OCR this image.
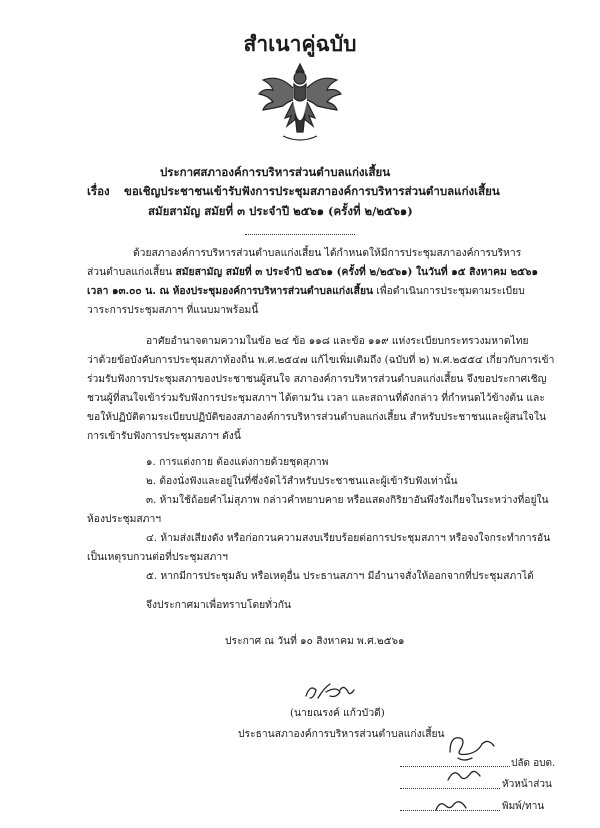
สำเนาคู่ฉบับ
ประกาศสภาองค์การบริหารส่วนตำบลแก่งเสี้ยน
เรื่อง ขอเชิญประชาชนเข้ารับฟังการประชุมสภาองค์การบริหารส่วนตำบลแก่งเสี้ยน
สมัยสามัญ สมัยที่ ๓ ประจำปี ๒๕๖๑ (ครั้งที่ ๒/๒๕๖๑)
ด้วยสภาองค์การบริหารส่วนตำบลแก่งเสี้ยน ได้กำหนดให้มีการประชุมสภาองค์การบริหาร
ส่วนตำบลแก่งเสี้ยน สมัยสามัญ สมัยที่ ๓ ประจำปี ๒๕๖๑ (ครั้งที่ ๒/๒๕๖๑) ในวันที่ ๑๕ สิงหาคม ๒๕๖๑
เวลา ๑๓.๐๐ น. ณ ห้องประชุมองค์การบริหารส่วนตำบลแก่งเสี้ยน เพื่อดำเนินการประชุมตามระเบียบ
วาระการประชุมสภาฯ ที่แนบมาพร้อมนี้
อาศัยอำนาจตามความในข้อ ๒๔ ข้อ ๑๑๘ และข้อ ๑๑๙ แห่งระเบียบกระทรวงมหาดไทย
ว่าด้วยข้อบังคับการประชุมสภาท้องถิ่น พ.ศ.๒๕๔๗ แก้ไขเพิ่มเติมถึง (ฉบับที่ ๒) พ.ศ.๒๕๕๔ เกี่ยวกับการเข้า
ร่วมรับฟังการประชุมสภาของประชาชนผู้สนใจ สภาองค์การบริหารส่วนตำบลแก่งเสี้ยน จึงขอประกาศเชิญ
ชวนผู้ที่สนใจเข้าร่วมรับฟังการประชุมสภาฯ ได้ตามวัน เวลา และสถานที่ดังกล่าว ที่กำหนดไว้ข้างต้น และ
ขอให้ปฏิบัติตามระเบียบปฏิบัติของสภาองค์การบริหารส่วนตำบลแก่งเสี้ยน สำหรับประชาชนและผู้สนใจใน
การเข้ารับฟังการประชุมสภาฯ ดังนี้
๑. การแต่งกาย ต้องแต่งกายด้วยชุดสุภาพ
๒. ต้องนั่งฟังและอยู่ในที่ซึ่งจัดไว้สำหรับประชาชนและผู้เข้ารับฟังเท่านั้น
๓. ห้ามใช้ถ้อยคำไม่สุภาพ กล่าวคำหยาบคาย หรือแสดงกิริยาอันพึงรังเกียจในระหว่างที่อยู่ใน
ห้องประชุมสภาฯ
๔. ห้ามส่งเสียงดัง หรือก่อกวนความสงบเรียบร้อยต่อการประชุมสภาฯ หรือจงใจกระทำการอัน
เป็นเหตุรบกวนต่อที่ประชุมสภาฯ
๕. หากมีการประชุมลับ หรือเหตุอื่น ประธานสภาฯ มีอำนาจสั่งให้ออกจากที่ประชุมสภาได้
จึงประกาศมาเพื่อทราบโดยทั่วกัน
ประกาศ ณ วันที่ ๑๐ สิงหาคม พ.ศ.๒๕๖๑
(นายณรงค์ แก้วบัวดี)
ประธานสภาองค์การบริหารส่วนตำบลแก่งเสี้ยน
ปลัด อบต.
หัวหน้าส่วน
พิมพ์/ทาน
